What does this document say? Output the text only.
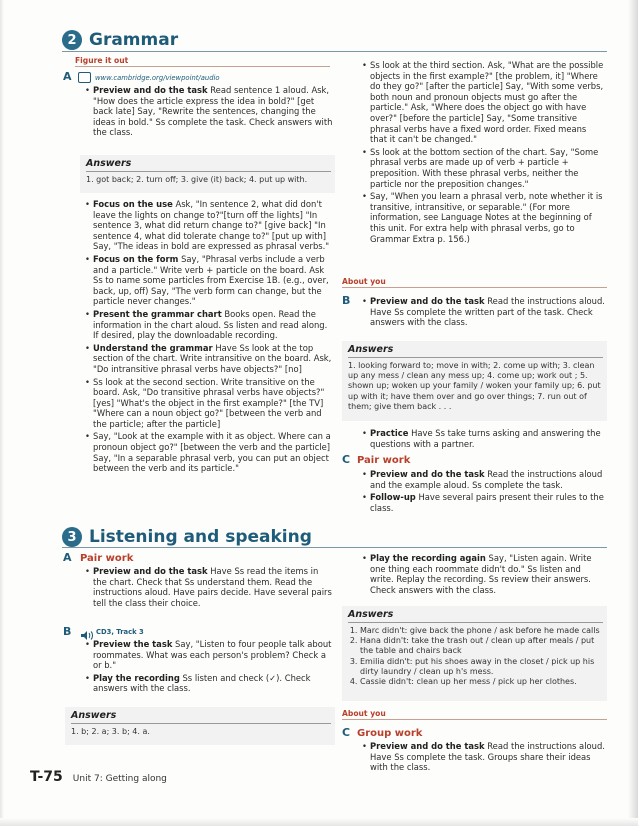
2 Grammar
Figure it out
A	www.cambridge.org/viewpoint/audio
• Preview and do the task Read sentence 1 aloud. Ask, "How does the article express the idea in bold?" [get back late] Say, "Rewrite the sentences, changing the ideas in bold." Ss complete the task. Check answers with the class.
Answers
1. got back; 2. turn off; 3. give (it) back; 4. put up with.
• Focus on the use Ask, "In sentence 2, what did don't leave the lights on change to?"[turn off the lights] "In sentence 3, what did return change to?" [give back] "In sentence 4, what did tolerate change to?" [put up with] Say, "The ideas in bold are expressed as phrasal verbs."
• Focus on the form Say, "Phrasal verbs include a verb and a particle." Write verb + particle on the board. Ask Ss to name some particles from Exercise 1B. (e.g., over, back, up, off) Say, "The verb form can change, but the particle never changes."
• Present the grammar chart Books open. Read the information in the chart aloud. Ss listen and read along. If desired, play the downloadable recording.
• Understand the grammar Have Ss look at the top section of the chart. Write intransitive on the board. Ask, "Do intransitive phrasal verbs have objects?" [no]
• Ss look at the second section. Write transitive on the board. Ask, "Do transitive phrasal verbs have objects?" [yes] "What's the object in the first example?" [the TV] "Where can a noun object go?" [between the verb and the particle; after the particle]
• Say, "Look at the example with it as object. Where can a pronoun object go?" [between the verb and the particle] Say, "In a separable phrasal verb, you can put an object between the verb and its particle."
• Ss look at the third section. Ask, "What are the possible objects in the first example?" [the problem, it] "Where do they go?" [after the particle] Say, "With some verbs, both noun and pronoun objects must go after the particle." Ask, "Where does the object go with have over?" [before the particle] Say, "Some transitive phrasal verbs have a fixed word order. Fixed means that it can't be changed."
• Ss look at the bottom section of the chart. Say, "Some phrasal verbs are made up of verb + particle + preposition. With these phrasal verbs, neither the particle nor the preposition changes."
• Say, "When you learn a phrasal verb, note whether it is transitive, intransitive, or separable." (For more information, see Language Notes at the beginning of this unit. For extra help with phrasal verbs, go to Grammar Extra p. 156.)
About you
B
• Preview and do the task Read the instructions aloud. Have Ss complete the written part of the task. Check answers with the class.
Answers
1. looking forward to; move in with; 2. come up with; 3. clean up any mess / clean any mess up; 4. come up; work out ; 5. shown up; woken up your family / woken your family up; 6. put up with it; have them over and go over things; 7. run out of them; give them back . . .
• Practice Have Ss take turns asking and answering the questions with a partner.
C Pair work
• Preview and do the task Read the instructions aloud and the example aloud. Ss complete the task.
• Follow-up Have several pairs present their rules to the class.
3 Listening and speaking
A Pair work
• Preview and do the task Have Ss read the items in the chart. Check that Ss understand them. Read the instructions aloud. Have pairs decide. Have several pairs tell the class their choice.
B	CD3, Track 3
• Preview the task Say, "Listen to four people talk about roommates. What was each person's problem? Check a or b."
• Play the recording Ss listen and check (✓). Check answers with the class.
Answers
1. b; 2. a; 3. b; 4. a.
• Play the recording again Say, "Listen again. Write one thing each roommate didn't do." Ss listen and write. Replay the recording. Ss review their answers. Check answers with the class.
Answers
1. Marc didn't: give back the phone / ask before he made calls
2. Hana didn't: take the trash out / clean up after meals / put the table and chairs back
3. Emilia didn't: put his shoes away in the closet / pick up his dirty laundry / clean up h's mess.
4. Cassie didn't: clean up her mess / pick up her clothes.
About you
C Group work
• Preview and do the task Read the instructions aloud. Have Ss complete the task. Groups share their ideas with the class.
T-75 Unit 7: Getting along
